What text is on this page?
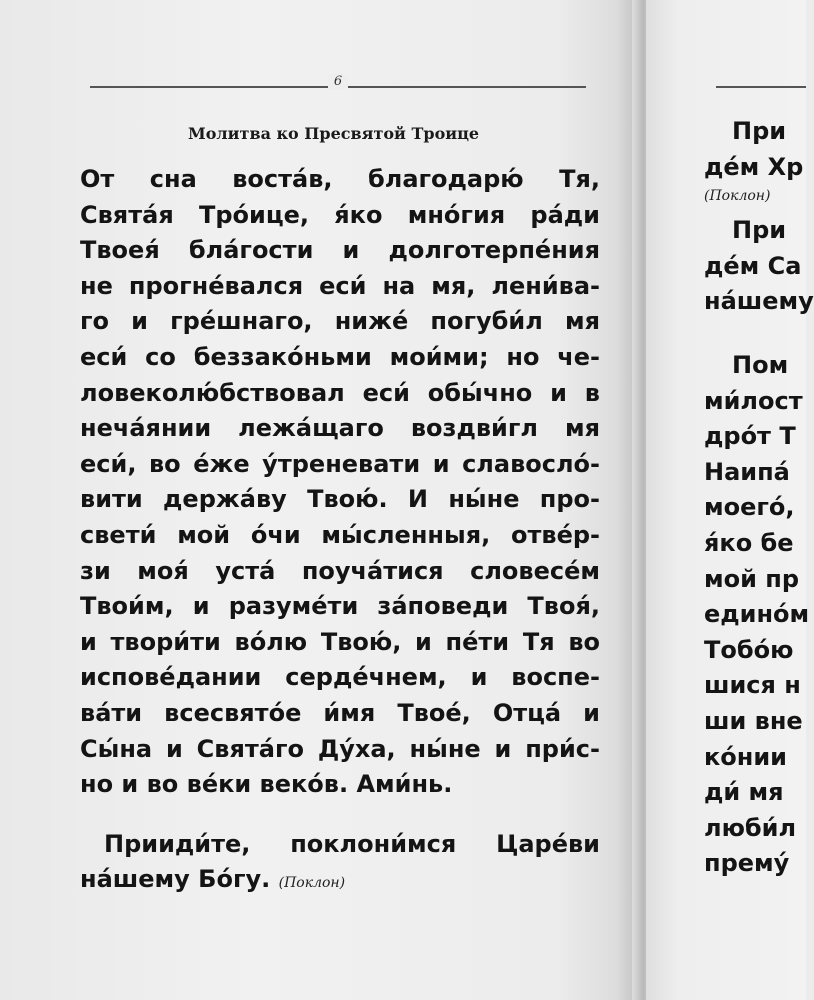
6
Молитва ко Пресвятой Троице
От сна воста́в, благодарю́ Тя,
Свята́я Тро́ице, я́ко мно́гия ра́ди
Твоея́ бла́гости и долготерпе́ния
не прогне́вался еси́ на мя, лени́ва-
го и гре́шнаго, ниже́ погуби́л мя
еси́ со беззако́ньми мои́ми; но че-
ловеколю́бствовал еси́ обы́чно и в
неча́янии лежа́щаго воздви́гл мя
еси́, во е́же у́треневати и славосло́-
вити держа́ву Твою́. И ны́не про-
свети́ мой о́чи мы́сленныя, отве́р-
зи моя́ уста́ поуча́тися словесе́м
Твои́м, и разуме́ти за́поведи Твоя́,
и твори́ти во́лю Твою́, и пе́ти Тя во
испове́дании серде́чнем, и воспе-
ва́ти всесвято́е и́мя Твое́, Отца́ и
Сы́на и Свята́го Ду́ха, ны́не и при́с-
но и во ве́ки веко́в. Ами́нь.
Прииди́те, поклони́мся Царе́ви
на́шему Бо́гу. (Поклон)
При
де́м Хр
(Поклон)
При
де́м Са
на́шему
Пом
ми́лост
дро́т Т
Наипа́
моего́,
я́ко бе
мой пр
едино́м
Тобо́ю
шися н
ши вне
ко́нии
ди́ мя
люби́л
прему́
